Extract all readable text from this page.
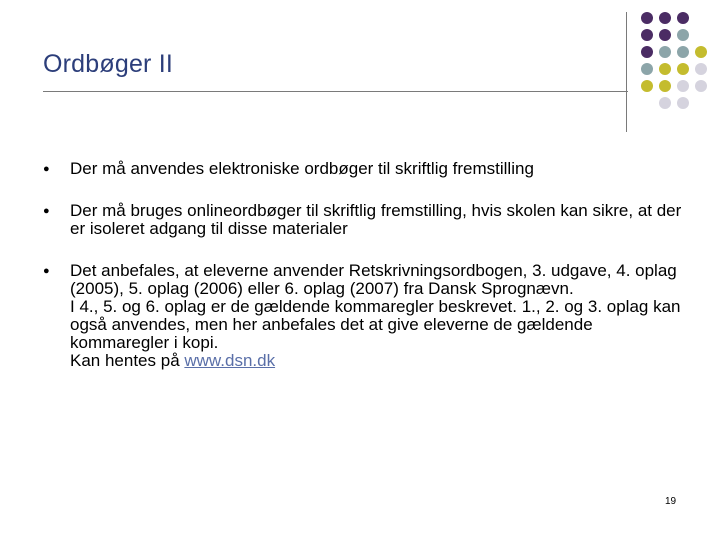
Ordbøger II
● Der må anvendes elektroniske ordbøger til skriftlig fremstilling
● Der må bruges onlineordbøger til skriftlig fremstilling, hvis skolen kan sikre, at der er isoleret adgang til disse materialer
● Det anbefales, at eleverne anvender Retskrivningsordbogen, 3. udgave, 4. oplag (2005), 5. oplag (2006) eller 6. oplag (2007) fra Dansk Sprognævn.
I 4., 5. og 6. oplag er de gældende kommaregler beskrevet. 1., 2. og 3. oplag kan også anvendes, men her anbefales det at give eleverne de gældende kommaregler i kopi.
Kan hentes på www.dsn.dk
19
